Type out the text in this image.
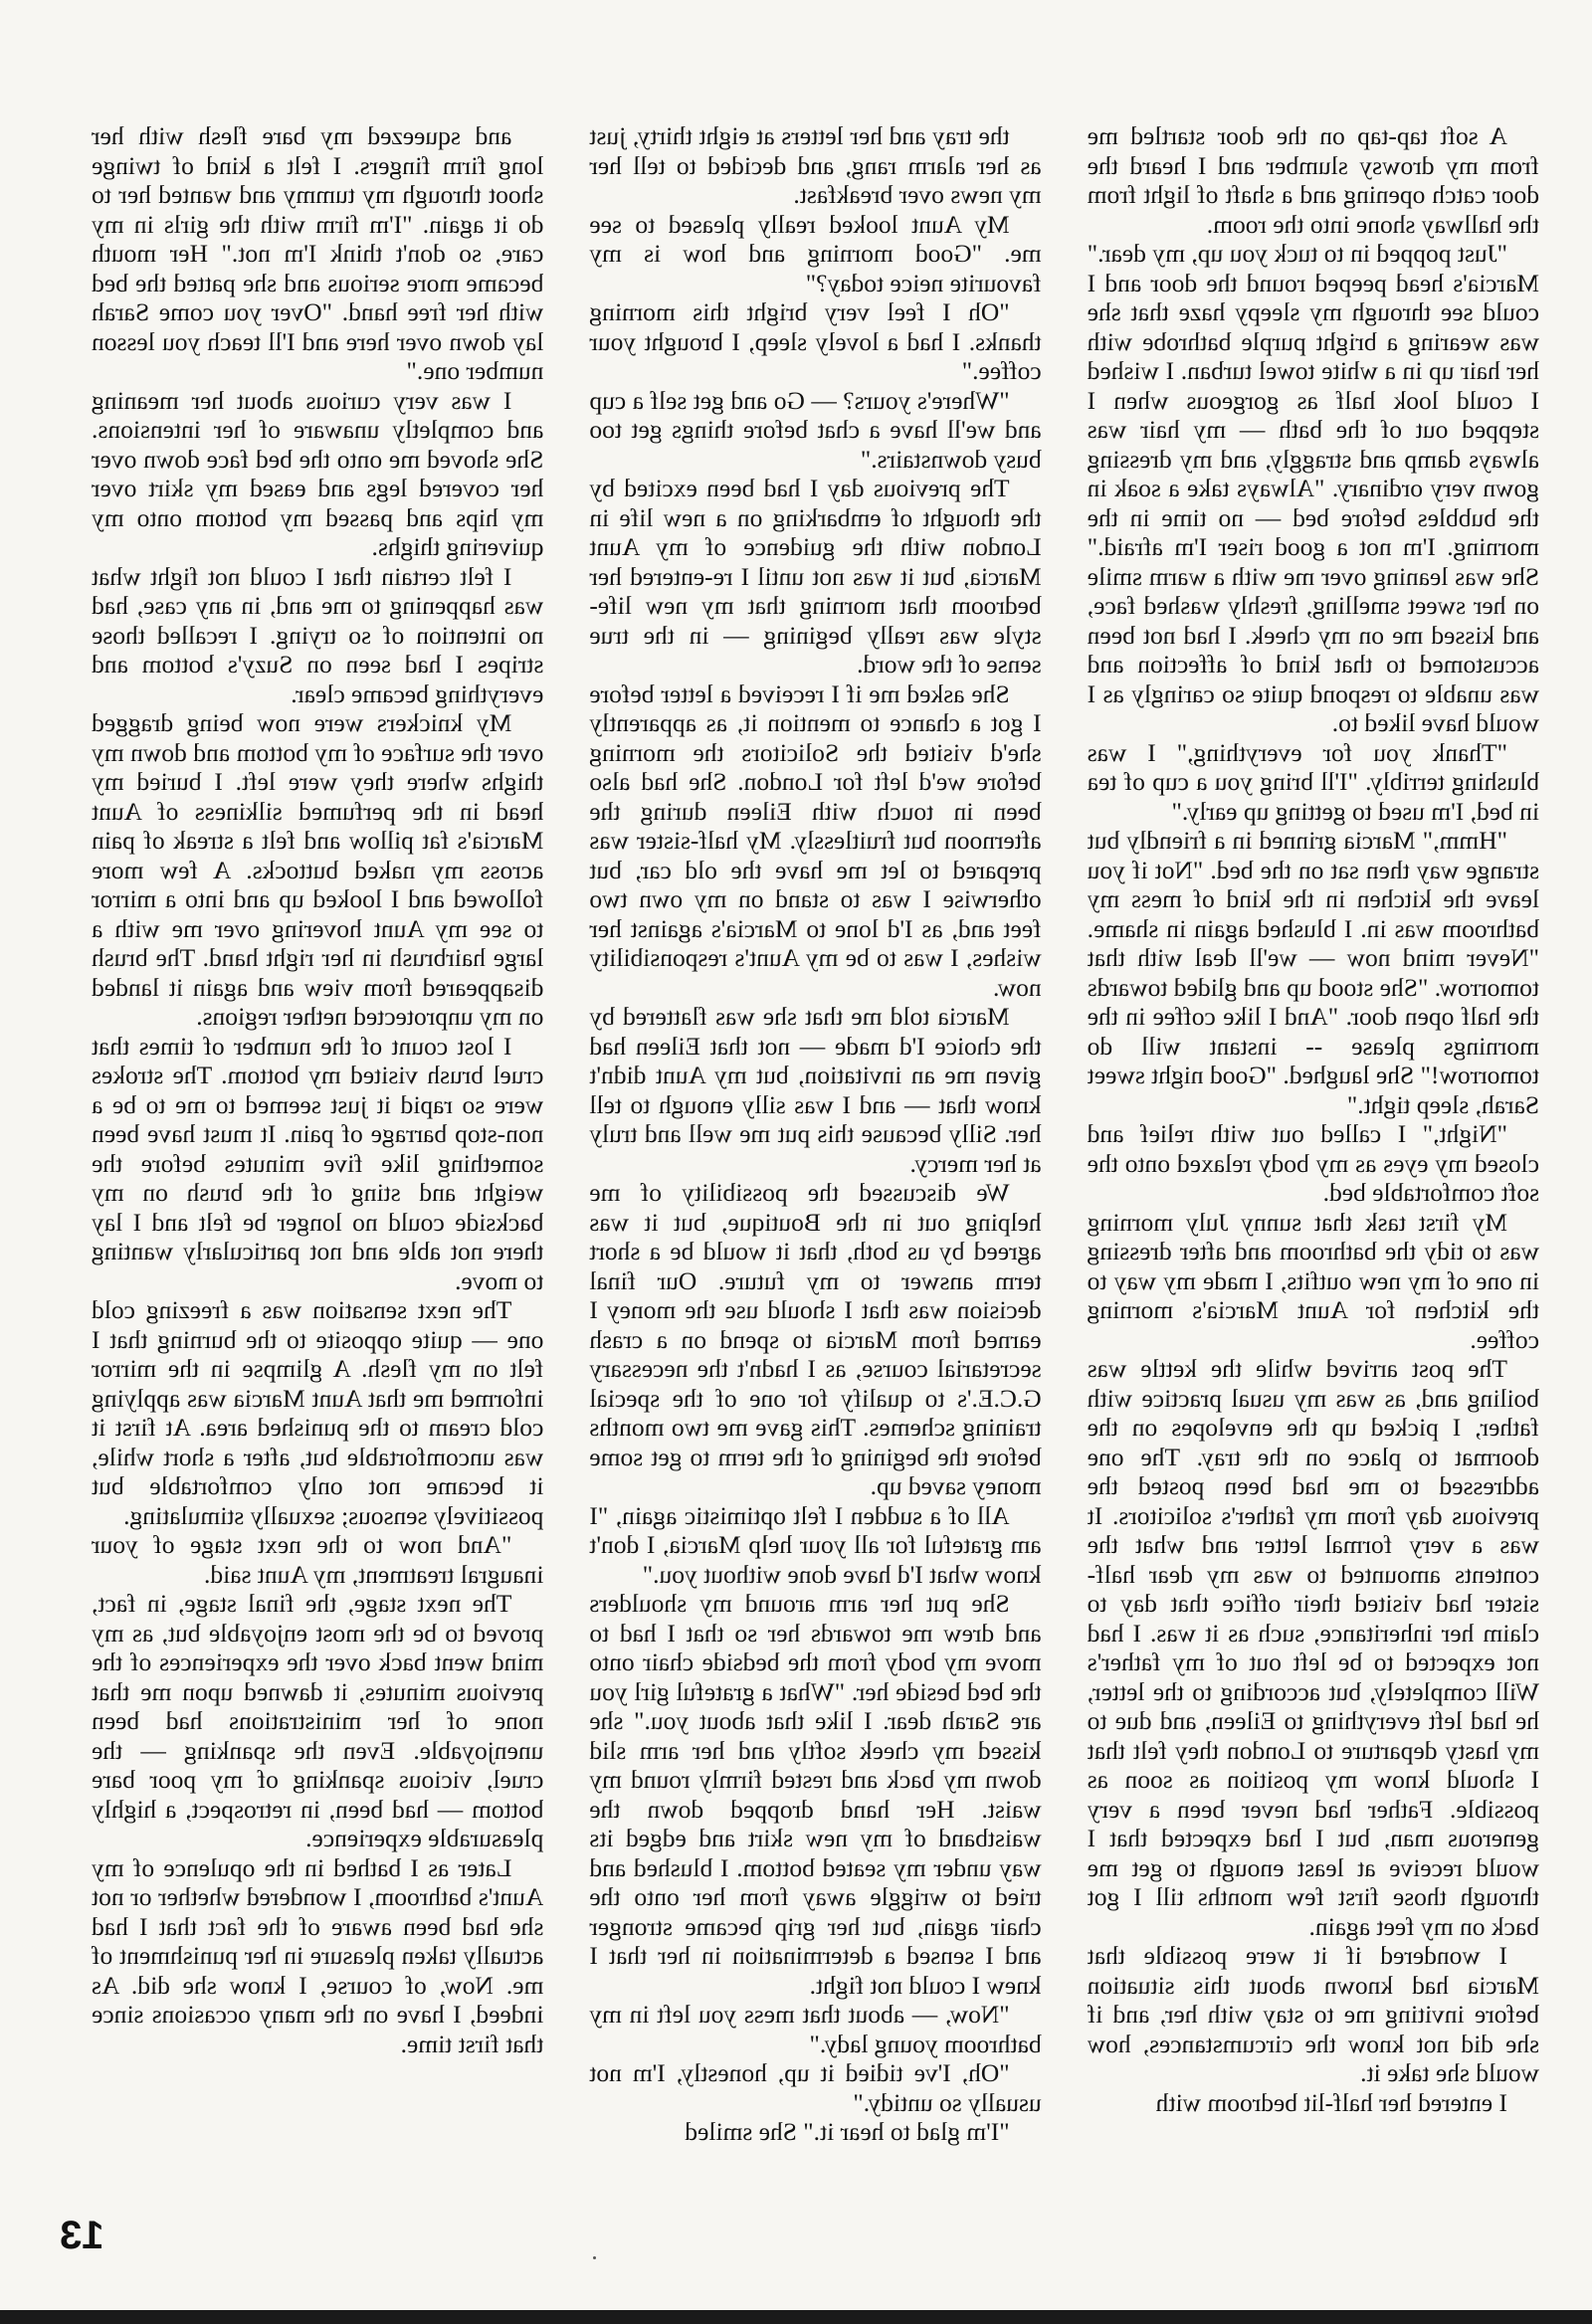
A soft tap-tap on the door startled me from my drowsy slumber and I heard the door catch opening and a shaft of light from the hallway shone into the room.

"Just popped in to tuck you up, my dear." Marcia's head peeped round the door and I could see through my sleepy haze that she was wearing a bright purple bathrobe with her hair up in a white towel turban. I wished I could look half as gorgeous when I stepped out of the bath — my hair was always damp and straggly, and my dressing gown very ordinary. "Always take a soak in the bubbles before bed — no time in the morning. I'm not a good riser I'm afraid." She was leaning over me with a warm smile on her sweet smelling, freshly washed face, and kissed me on my cheek. I had not been accustomed to that kind of affection and was unable to respond quite so caringly as I would have liked to.

"Thank you for everything," I was blushing terribly. "I'll bring you a cup of tea in bed, I'm used to getting up early."

"Hmm," Marcia grinned in a friendly but strange way then sat on the bed. "Not if you leave the kitchen in the kind of mess my bathroom was in. I blushed again in shame. "Never mind now — we'll deal with that tomorrow. "She stood up and glided towards the half open door. "And I like coffee in the mornings please -- instant will do tomorrow!" She laughed. "Good night sweet Sarah, sleep tight."

"Night," I called out with relief and closed my eyes as my body relaxed onto the soft comfortable bed.

My first task that sunny July morning was to tidy the bathroom and after dressing in one of my new outfits, I made my way to the kitchen for Aunt Marcia's morning coffee.

The post arrived while the kettle was boiling and, as was my usual practice with father, I picked up the envelopes on the doormat to place on the tray. The one addressed to me had been posted the previous day from my father's solicitors. It was a very formal letter and what the contents amounted to was my dear half-sister had visited their office that day to claim her inheritance, such as it was. I had not expected to be left out of my father's Will completely, but according to the letter, he had left everything to Eileen, and due to my hasty departure to London they felt that I should know my position as soon as possible. Father had never been a very generous man, but I had expected that I would receive at least enough to get me through those first few months till I got back on my feet again.

I wondered if it were possible that Marcia had known about this situation before inviting me to stay with her, and if she did not know the circumstances, how would she take it.

I entered her half-lit bedroom with

the tray and her letters at eight thirty, just as her alarm rang, and decided to tell her my news over breakfast.

My Aunt looked really pleased to see me. "Good morning and how is my favourite neice today?"

"Oh I feel very bright this morning thanks. I had a lovely sleep, I brought your coffee."

"Where's yours? — Go and get self a cup and we'll have a chat before things get too busy downstairs."

The previous day I had been excited by the thought of embarking on a new life in London with the guidence of my Aunt Marcia, but it was not until I re-entered her bedroom that morning that my new life-style was really begining — in the true sense of the word.

She asked me if I received a letter before I got a chance to mention it, as apparently she'd visited the Solicitors the morning before we'd left for London. She had also been in touch with Eileen during the afternoon but fruitlessly. My half-sister was prepared to let me have the old car, but otherwise I was to stand on my own two feet and, as I'd lone to Marcia's against her wishes, I was to be my Aunt's responsibility now.

Marcia told me that she was flattered by the choice I'd made — not that Eileen had given me an invitation, but my Aunt didn't know that — and I was silly enough to tell her. Silly because this put me well and truly at her mercy.

We discussed the possibility of me helping out in the Boutique, but it was agreed by us both, that it would be a short term answer to my future. Our final decision was that I should use the money I earned from Marcia to spend on a crash secretarial course, as I hadn't the necessary G.C.E.'s to qualify for one of the special training schemes. This gave me two months before the begining of the term to get some money saved up.

All of a sudden I felt optimistic again, "I am grateful for all your help Marcia, I don't know what I'd have done without you."

She put her arm around my shoulders and drew me towards her so that I had to move my body from the bedside chair onto the bed beside her. "What a grateful girl you are Sarah dear. I like that about you." she kissed my cheek softly and her arm slid down my back and rested firmly round my waist. Her hand dropped down the waistband of my new skirt and edged its way under my seated bottom. I blushed and tried to wriggle away from her onto the chair again, but her grip became stronger and I sensed a determination in her that I knew I could not fight.

"Now, — about that mess you left in my bathroom young lady."

"Oh, I've tidied it up, honestly, I'm not usually so untidy."

"I'm glad to hear it." She smiled

and squeezed my bare flesh with her long firm fingers. I felt a kind of twinge shoot through my tummy and wanted her to do it again. "I'm firm with the girls in my care, so don't think I'm not." Her mouth became more serious and she patted the bed with her free hand. "Over you come Sarah lay down over here and I'll teach you lesson number one."

I was very curious about her meaning and completly unaware of her intensions. She shoved me onto the bed face down over her covered legs and eased my skirt over my hips and passed my bottom onto my quivering thighs.

I felt certain that I could not fight what was happening to me and, in any case, had no intention of so trying. I recalled those stripes I had seen on Suzy's bottom and everything became clear.

My knickers were now being dragged over the surface of my bottom and down my thighs where they were left. I buried my head in the perfumed silkiness of Aunt Marcia's fat pillow and felt a streak of pain across my naked buttocks. A few more followed and I looked up and into a mirror to see my Aunt hovering over me with a large hairbrush in her right hand. The brush disappeared from view and again it landed on my unprotected nether regions.

I lost count of the number of times that cruel brush visited my bottom. The strokes were so rapid it just seemed to me to be a non-stop barrage of pain. It must have been something like five minutes before the weight and sting of the brush on my backside could no longer be felt and I lay there not able and not particularly wanting to move.

The next sensation was a freezing cold one — quite opposite to the burning that I felt on my flesh. A glimpse in the mirror informed me that Aunt Marcia was applying cold cream to the punished area. At first it was uncomfortable but, after a short while, it became not only comfortable but possitively sensous; sexually stimulating.

"And now to the next stage of your inaugral treatment, my Aunt said.

The next stage, the final stage, in fact, proved to be the most enjoyable but, as my mind went back over the experiences of the previous minutes, it dawned upon me that none of her ministrations had been unenjoyable. Even the spanking — the cruel, vicious spanking of my poor bare bottom — had been, in retrospect, a highly pleasurable experience.

Later as I bathed in the opulence of my Aunt's bathroom, I wondered whether or not she had been aware of the fact that I had actually taken pleasure in her punishment of me. Now, of course, I know she did. As indeed, I have on the many occasions since that first time.

13
